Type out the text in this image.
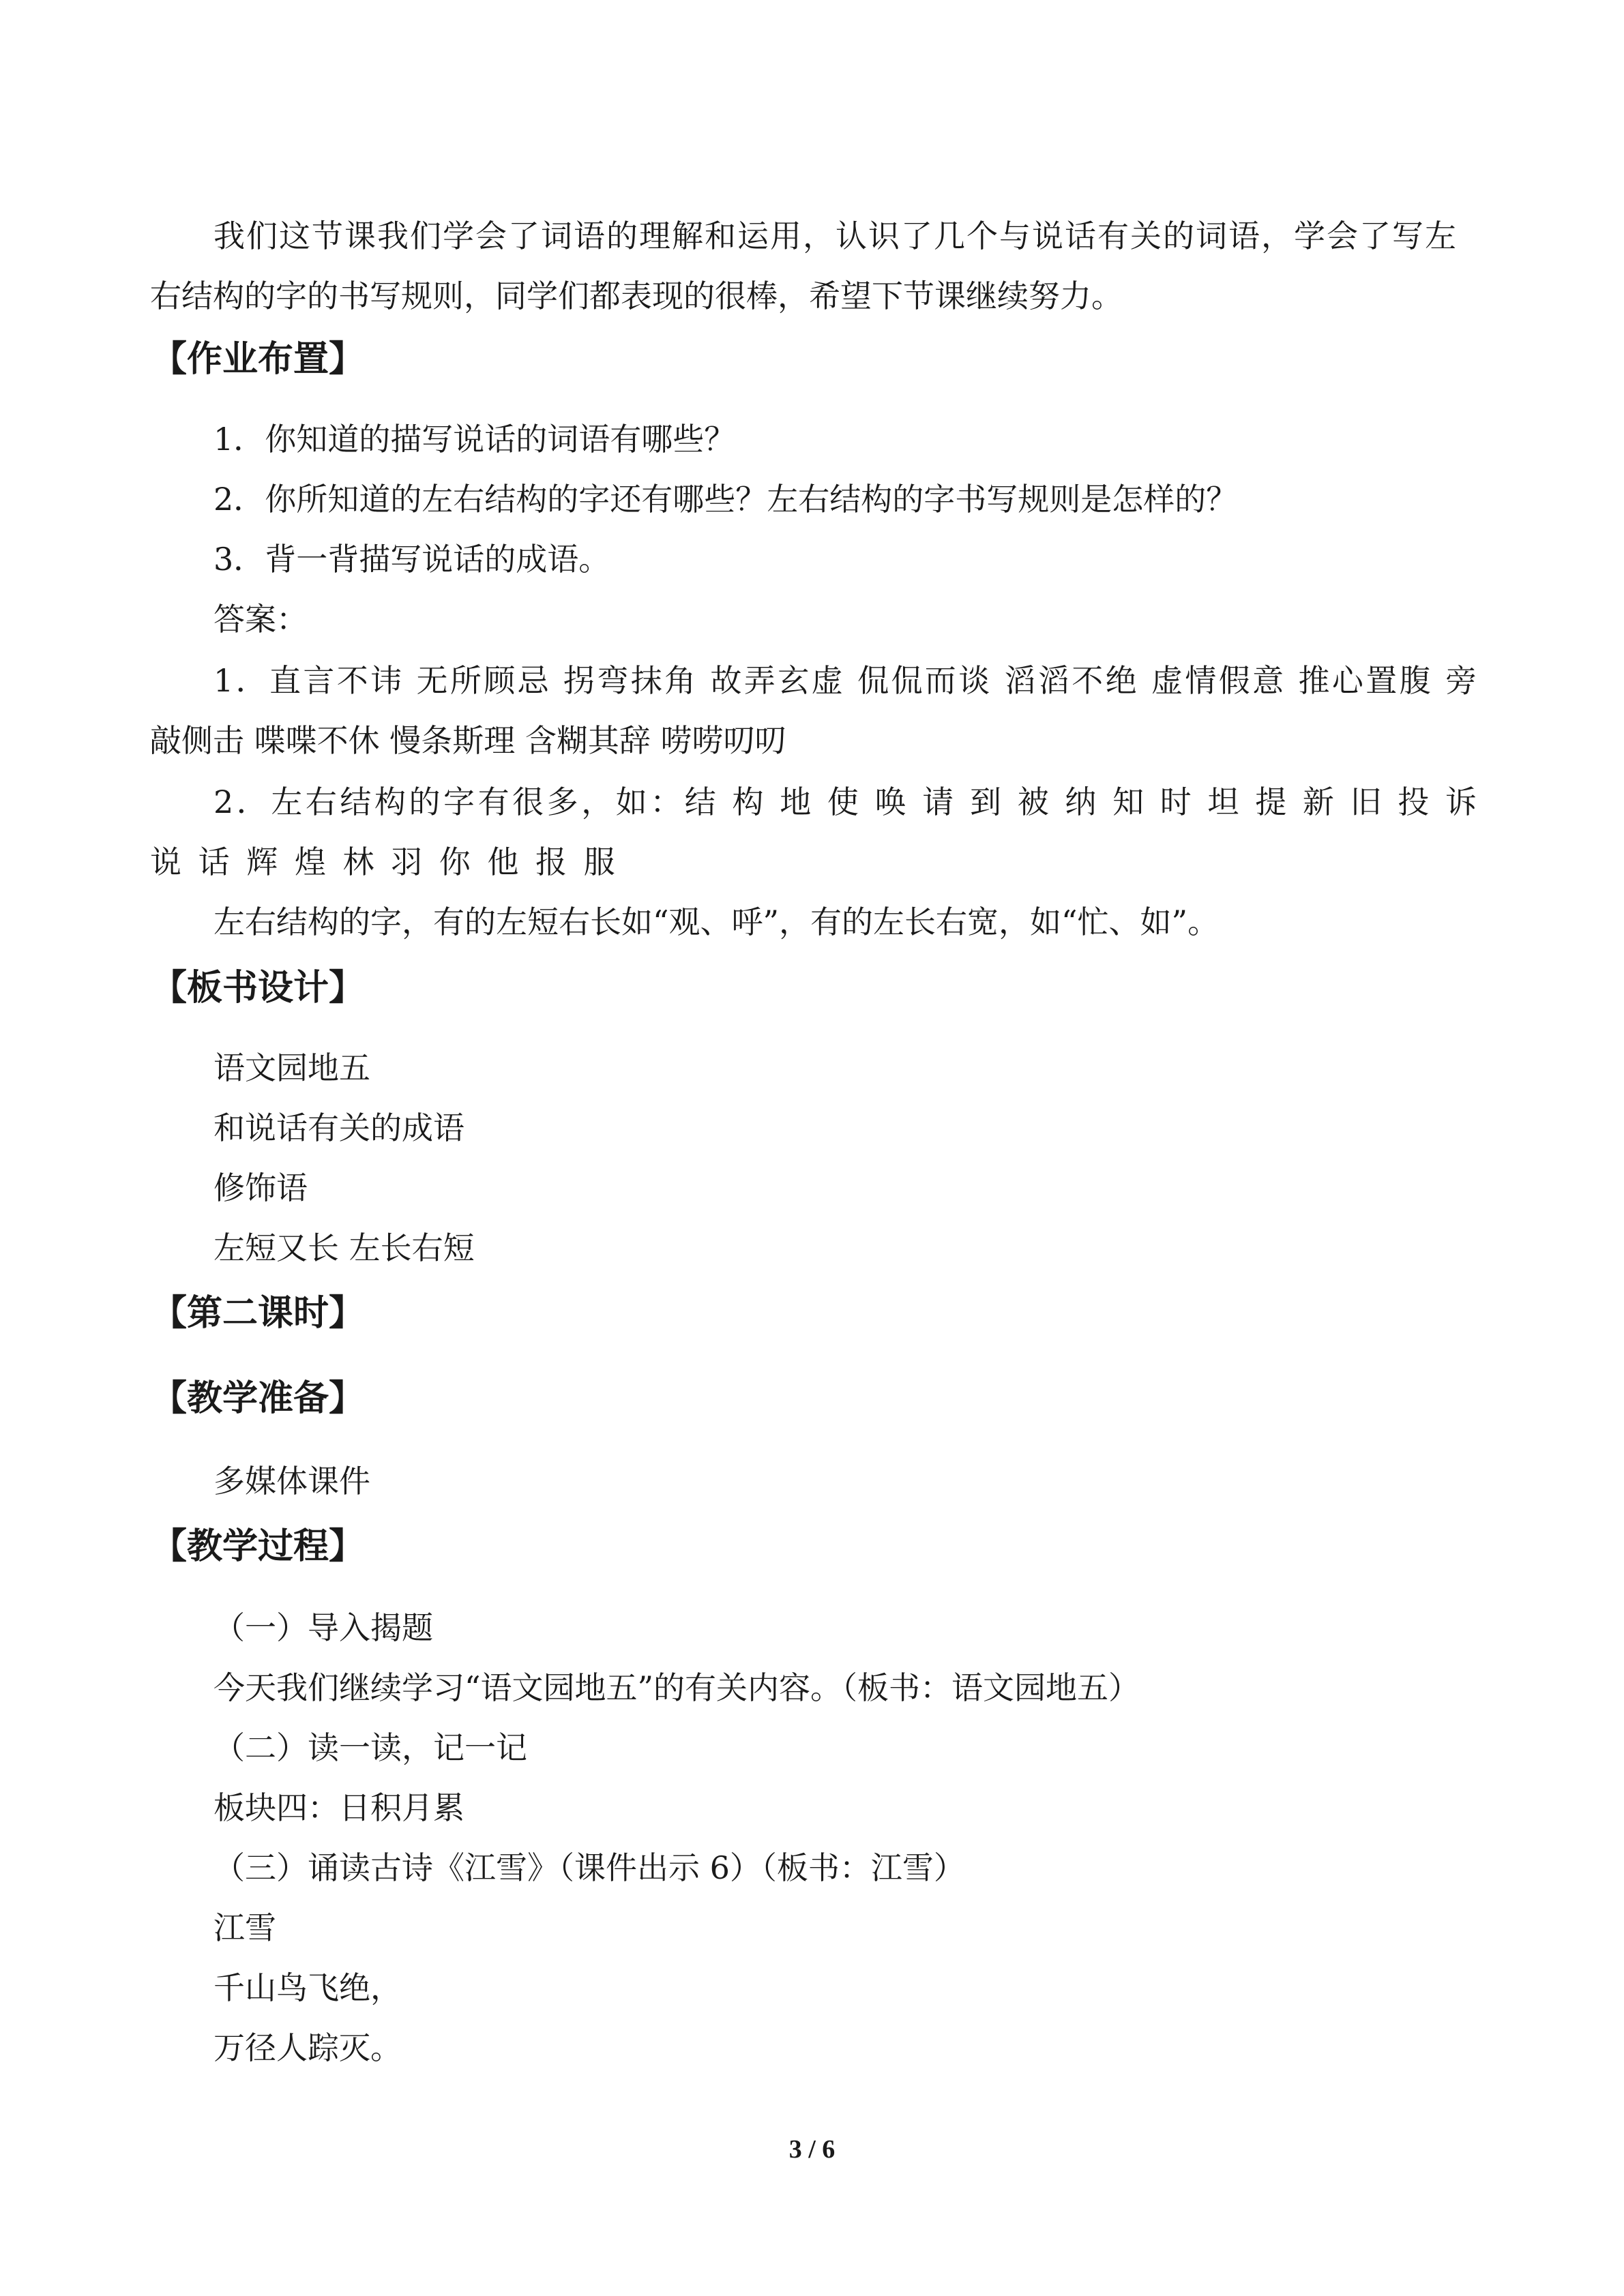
我们这节课我们学会了词语的理解和运用，认识了几个与说话有关的词语，学会了写左
右结构的字的书写规则，同学们都表现的很棒，希望下节课继续努力。
【作业布置】
1．你知道的描写说话的词语有哪些？
2．你所知道的左右结构的字还有哪些？左右结构的字书写规则是怎样的？
3．背一背描写说话的成语。
答案：
1．直言不讳 无所顾忌 拐弯抹角 故弄玄虚 侃侃而谈 滔滔不绝 虚情假意 推心置腹 旁
敲侧击 喋喋不休 慢条斯理 含糊其辞 唠唠叨叨
2．左右结构的字有很多，如：结 构 地 使 唤 请 到 被 纳 知 时 坦 提 新 旧 投 诉
说 话 辉 煌 林 羽 你 他 报 服
左右结构的字，有的左短右长如“观、呼”，有的左长右宽，如“忙、如”。
【板书设计】
语文园地五
和说话有关的成语
修饰语
左短又长 左长右短
【第二课时】
【教学准备】
多媒体课件
【教学过程】
（一）导入揭题
今天我们继续学习“语文园地五”的有关内容。（板书：语文园地五）
（二）读一读，记一记
板块四：日积月累
（三）诵读古诗《江雪》（课件出示 6）（板书：江雪）
江雪
千山鸟飞绝，
万径人踪灭。
3 / 6
